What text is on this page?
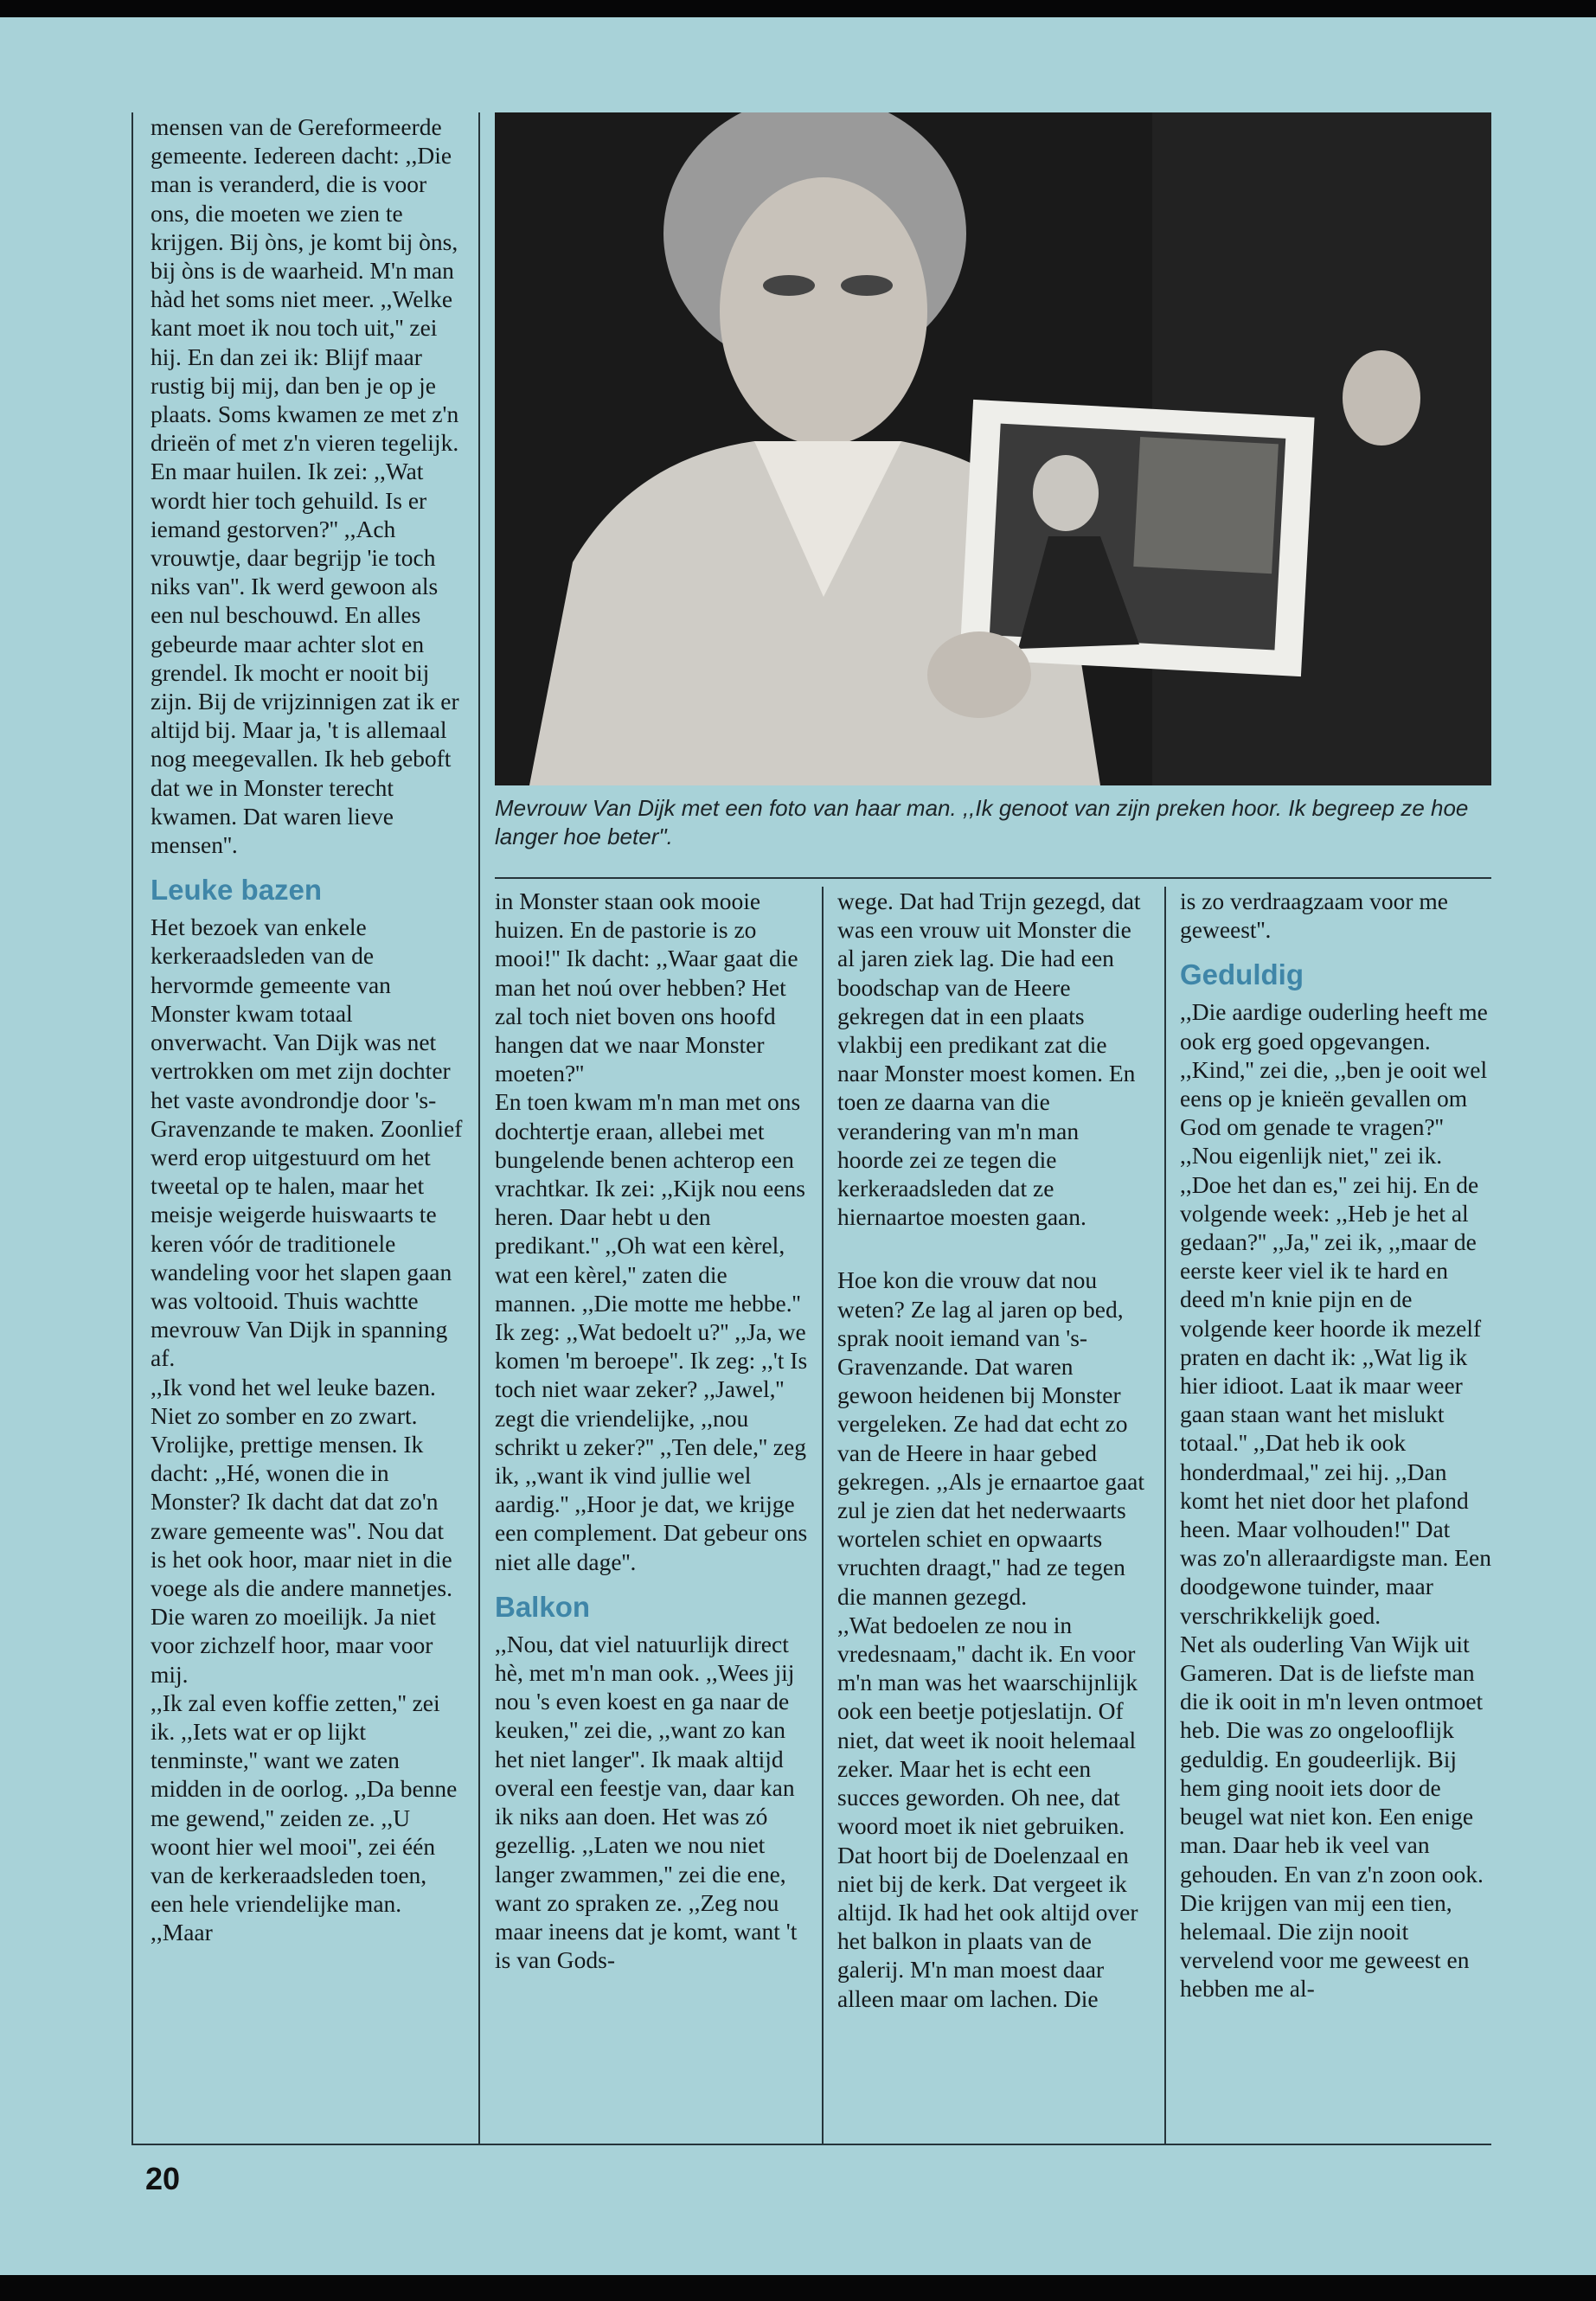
Mevrouw Van Dijk met een foto van haar man. ,,Ik genoot van zijn preken hoor. Ik begreep ze hoe langer hoe beter".

mensen van de Gereformeerde gemeente. Iedereen dacht: ,,Die man is veranderd, die is voor ons, die moeten we zien te krijgen. Bij òns, je komt bij òns, bij òns is de waarheid. M'n man hàd het soms niet meer. ,,Welke kant moet ik nou toch uit,'' zei hij. En dan zei ik: Blijf maar rustig bij mij, dan ben je op je plaats. Soms kwamen ze met z'n drieën of met z'n vieren tegelijk. En maar huilen. Ik zei: ,,Wat wordt hier toch gehuild. Is er iemand gestorven?'' ,,Ach vrouwtje, daar begrijp 'ie toch niks van''. Ik werd gewoon als een nul beschouwd. En alles gebeurde maar achter slot en grendel. Ik mocht er nooit bij zijn. Bij de vrijzinnigen zat ik er altijd bij. Maar ja, 't is allemaal nog meegevallen. Ik heb geboft dat we in Monster terecht kwamen. Dat waren lieve mensen''.

Leuke bazen

Het bezoek van enkele kerkeraadsleden van de hervormde gemeente van Monster kwam totaal onverwacht. Van Dijk was net vertrokken om met zijn dochter het vaste avondrondje door 's-Gravenzande te maken. Zoonlief werd erop uitgestuurd om het tweetal op te halen, maar het meisje weigerde huiswaarts te keren vóór de traditionele wandeling voor het slapen gaan was voltooid. Thuis wachtte mevrouw Van Dijk in spanning af.

,,Ik vond het wel leuke bazen. Niet zo somber en zo zwart. Vrolijke, prettige mensen. Ik dacht: ,,Hé, wonen die in Monster? Ik dacht dat dat zo'n zware gemeente was''. Nou dat is het ook hoor, maar niet in die voege als die andere mannetjes. Die waren zo moeilijk. Ja niet voor zichzelf hoor, maar voor mij.

,,Ik zal even koffie zetten,'' zei ik. ,,Iets wat er op lijkt tenminste,'' want we zaten midden in de oorlog. ,,Da benne me gewend,'' zeiden ze. ,,U woont hier wel mooi'', zei één van de kerkeraadsleden toen, een hele vriendelijke man. ,,Maar

in Monster staan ook mooie huizen. En de pastorie is zo mooi!'' Ik dacht: ,,Waar gaat die man het noú over hebben? Het zal toch niet boven ons hoofd hangen dat we naar Monster moeten?''

En toen kwam m'n man met ons dochtertje eraan, allebei met bungelende benen achterop een vrachtkar. Ik zei: ,,Kijk nou eens heren. Daar hebt u den predikant.'' ,,Oh wat een kèrel, wat een kèrel,'' zaten die mannen. ,,Die motte me hebbe.'' Ik zeg: ,,Wat bedoelt u?'' ,,Ja, we komen 'm beroepe''. Ik zeg: ,,'t Is toch niet waar zeker? ,,Jawel,'' zegt die vriendelijke, ,,nou schrikt u zeker?'' ,,Ten dele,'' zeg ik, ,,want ik vind jullie wel aardig.'' ,,Hoor je dat, we krijge een complement. Dat gebeur ons niet alle dage''.

Balkon

,,Nou, dat viel natuurlijk direct hè, met m'n man ook. ,,Wees jij nou 's even koest en ga naar de keuken,'' zei die, ,,want zo kan het niet langer''. Ik maak altijd overal een feestje van, daar kan ik niks aan doen. Het was zó gezellig. ,,Laten we nou niet langer zwammen,'' zei die ene, want zo spraken ze. ,,Zeg nou maar ineens dat je komt, want 't is van Gods-

wege. Dat had Trijn gezegd, dat was een vrouw uit Monster die al jaren ziek lag. Die had een boodschap van de Heere gekregen dat in een plaats vlakbij een predikant zat die naar Monster moest komen. En toen ze daarna van die verandering van m'n man hoorde zei ze tegen die kerkeraadsleden dat ze hiernaartoe moesten gaan.

Hoe kon die vrouw dat nou weten? Ze lag al jaren op bed, sprak nooit iemand van 's-Gravenzande. Dat waren gewoon heidenen bij Monster vergeleken. Ze had dat echt zo van de Heere in haar gebed gekregen. ,,Als je ernaartoe gaat zul je zien dat het nederwaarts wortelen schiet en opwaarts vruchten draagt,'' had ze tegen die mannen gezegd.

,,Wat bedoelen ze nou in vredesnaam,'' dacht ik. En voor m'n man was het waarschijnlijk ook een beetje potjeslatijn. Of niet, dat weet ik nooit helemaal zeker. Maar het is echt een succes geworden. Oh nee, dat woord moet ik niet gebruiken. Dat hoort bij de Doelenzaal en niet bij de kerk. Dat vergeet ik altijd. Ik had het ook altijd over het balkon in plaats van de galerij. M'n man moest daar alleen maar om lachen. Die

is zo verdraagzaam voor me geweest''.

Geduldig

,,Die aardige ouderling heeft me ook erg goed opgevangen. ,,Kind,'' zei die, ,,ben je ooit wel eens op je knieën gevallen om God om genade te vragen?'' ,,Nou eigenlijk niet,'' zei ik. ,,Doe het dan es,'' zei hij. En de volgende week: ,,Heb je het al gedaan?'' ,,Ja,'' zei ik, ,,maar de eerste keer viel ik te hard en deed m'n knie pijn en de volgende keer hoorde ik mezelf praten en dacht ik: ,,Wat lig ik hier idioot. Laat ik maar weer gaan staan want het mislukt totaal.'' ,,Dat heb ik ook honderdmaal,'' zei hij. ,,Dan komt het niet door het plafond heen. Maar volhouden!'' Dat was zo'n alleraardigste man. Een doodgewone tuinder, maar verschrikkelijk goed.

Net als ouderling Van Wijk uit Gameren. Dat is de liefste man die ik ooit in m'n leven ontmoet heb. Die was zo ongelooflijk geduldig. En goudeerlijk. Bij hem ging nooit iets door de beugel wat niet kon. Een enige man. Daar heb ik veel van gehouden. En van z'n zoon ook. Die krijgen van mij een tien, helemaal. Die zijn nooit vervelend voor me geweest en hebben me al-

20
